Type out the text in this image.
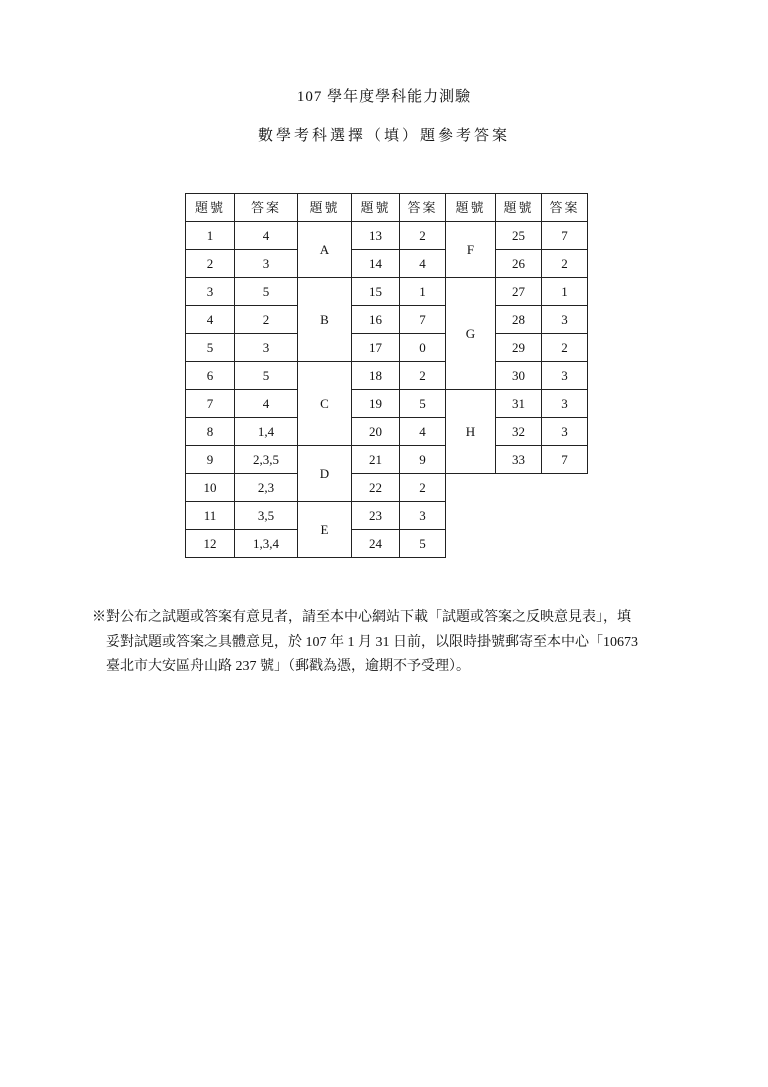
107 學年度學科能力測驗
數學考科選擇（填）題參考答案
題號	答案	題號	題號	答案	題號	題號	答案
1	4	A	13	2	F	25	7
2	3		14	4		26	2
3	5	B	15	1	G	27	1
4	2		16	7		28	3
5	3		17	0		29	2
6	5	C	18	2		30	3
7	4		19	5	H	31	3
8	1,4		20	4		32	3
9	2,3,5	D	21	9		33	7
10	2,3		22	2			
11	3,5	E	23	3			
12	1,3,4		24	5			
※對公布之試題或答案有意見者，請至本中心網站下載「試題或答案之反映意見表」，填
妥對試題或答案之具體意見，於 107 年 1 月 31 日前，以限時掛號郵寄至本中心「10673
臺北市大安區舟山路 237 號」（郵戳為憑，逾期不予受理）。
